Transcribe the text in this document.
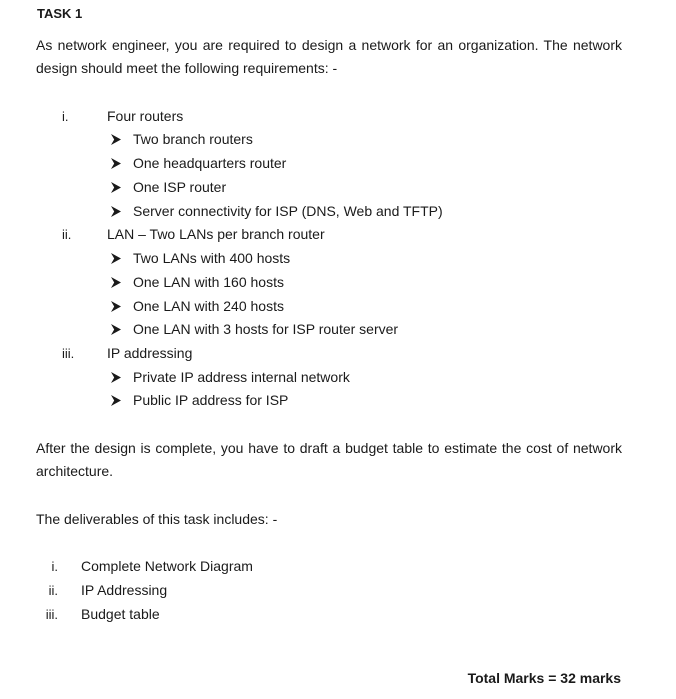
TASK 1
As network engineer, you are required to design a network for an organization. The network
design should meet the following requirements: -
i.	Four routers
Two branch routers
One headquarters router
One ISP router
Server connectivity for ISP (DNS, Web and TFTP)
ii.	LAN – Two LANs per branch router
Two LANs with 400 hosts
One LAN with 160 hosts
One LAN with 240 hosts
One LAN with 3 hosts for ISP router server
iii. IP addressing
Private IP address internal network
Public IP address for ISP
After the design is complete, you have to draft a budget table to estimate the cost of network
architecture.
The deliverables of this task includes: -
i. Complete Network Diagram
ii. IP Addressing
iii. Budget table
Total Marks = 32 marks
